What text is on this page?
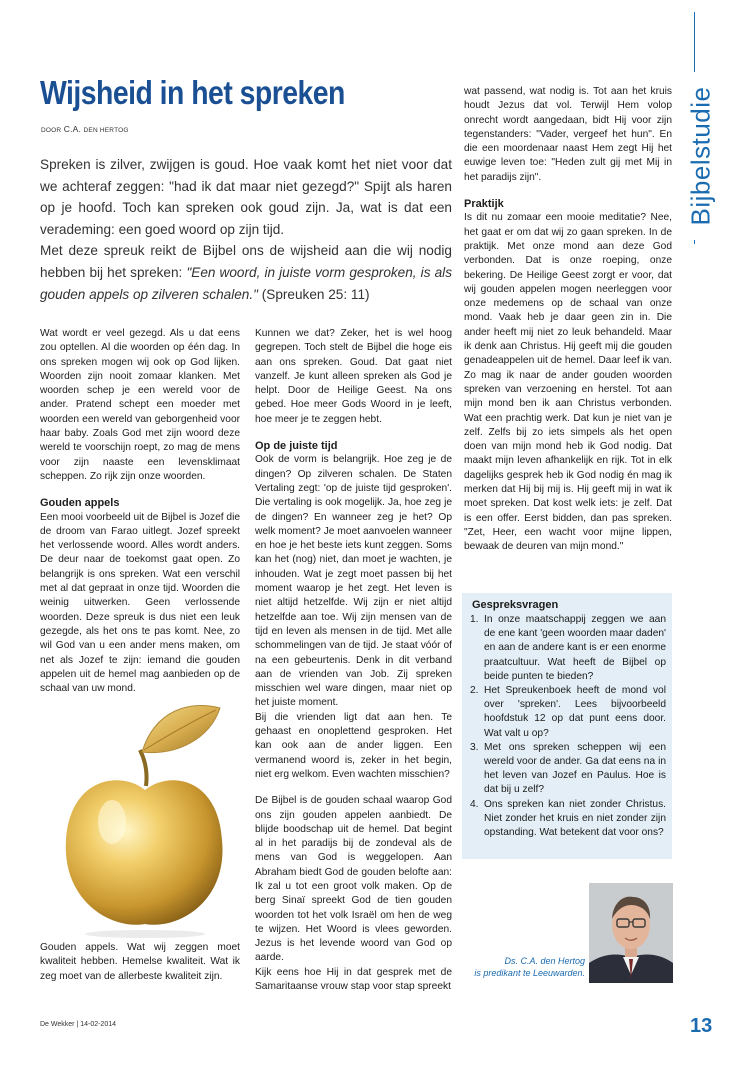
Wijsheid in het spreken
DOOR C.A. DEN HERTOG

Spreken is zilver, zwijgen is goud. Hoe vaak komt het niet voor dat we achteraf zeggen: "had ik dat maar niet gezegd?" Spijt als haren op je hoofd. Toch kan spreken ook goud zijn. Ja, wat is dat een verademing: een goed woord op zijn tijd.

Met deze spreuk reikt de Bijbel ons de wijsheid aan die wij nodig hebben bij het spreken: "Een woord, in juiste vorm gesproken, is als gouden appels op zilveren schalen." (Spreuken 25: 11)

Wat wordt er veel gezegd. Als u dat eens zou optellen. Al die woorden op één dag. In ons spreken mogen wij ook op God lijken. Woorden zijn nooit zomaar klanken. Met woorden schep je een wereld voor de ander. Pratend schept een moeder met woorden een wereld van geborgenheid voor haar baby. Zoals God met zijn woord deze wereld te voorschijn roept, zo mag de mens voor zijn naaste een levensklimaat scheppen. Zo rijk zijn onze woorden.

Gouden appels

Een mooi voorbeeld uit de Bijbel is Jozef die de droom van Farao uitlegt. Jozef spreekt het verlossende woord. Alles wordt anders. De deur naar de toekomst gaat open. Zo belangrijk is ons spreken. Wat een verschil met al dat gepraat in onze tijd. Woorden die weinig uitwerken. Geen verlossende woorden. Deze spreuk is dus niet een leuk gezegde, als het ons te pas komt. Nee, zo wil God van u een ander mens maken, om net als Jozef te zijn: iemand die gouden appelen uit de hemel mag aanbieden op de schaal van uw mond.

Gouden appels. Wat wij zeggen moet kwaliteit hebben. Hemelse kwaliteit. Wat ik zeg moet van de allerbeste kwaliteit zijn.

Kunnen we dat? Zeker, het is wel hoog gegrepen. Toch stelt de Bijbel die hoge eis aan ons spreken. Goud. Dat gaat niet vanzelf. Je kunt alleen spreken als God je helpt. Door de Heilige Geest. Na ons gebed. Hoe meer Gods Woord in je leeft, hoe meer je te zeggen hebt.

Op de juiste tijd

Ook de vorm is belangrijk. Hoe zeg je de dingen? Op zilveren schalen. De Staten Vertaling zegt: 'op de juiste tijd gesproken'. Die vertaling is ook mogelijk. Ja, hoe zeg je de dingen? En wanneer zeg je het? Op welk moment? Je moet aanvoelen wanneer en hoe je het beste iets kunt zeggen. Soms kan het (nog) niet, dan moet je wachten, je inhouden. Wat je zegt moet passen bij het moment waarop je het zegt. Het leven is niet altijd hetzelfde. Wij zijn er niet altijd hetzelfde aan toe. Wij zijn mensen van de tijd en leven als mensen in de tijd. Met alle schommelingen van de tijd. Je staat vóór of na een gebeurtenis. Denk in dit verband aan de vrienden van Job. Zij spreken misschien wel ware dingen, maar niet op het juiste moment.

Bij die vrienden ligt dat aan hen. Te gehaast en onoplettend gesproken. Het kan ook aan de ander liggen. Een vermanend woord is, zeker in het begin, niet erg welkom. Even wachten misschien?

De Bijbel is de gouden schaal waarop God ons zijn gouden appelen aanbiedt. De blijde boodschap uit de hemel. Dat begint al in het paradijs bij de zondeval als de mens van God is weggelopen. Aan Abraham biedt God de gouden belofte aan: Ik zal u tot een groot volk maken. Op de berg Sinaï spreekt God de tien gouden woorden tot het volk Israël om hen de weg te wijzen. Het Woord is vlees geworden. Jezus is het levende woord van God op aarde.

Kijk eens hoe Hij in dat gesprek met de Samaritaanse vrouw stap voor stap spreekt

wat passend, wat nodig is. Tot aan het kruis houdt Jezus dat vol. Terwijl Hem volop onrecht wordt aangedaan, bidt Hij voor zijn tegenstanders: "Vader, vergeef het hun". En die een moordenaar naast Hem zegt Hij het euwige leven toe: "Heden zult gij met Mij in het paradijs zijn".

Praktijk

Is dit nu zomaar een mooie meditatie? Nee, het gaat er om dat wij zo gaan spreken. In de praktijk. Met onze mond aan deze God verbonden. Dat is onze roeping, onze bekering. De Heilige Geest zorgt er voor, dat wij gouden appelen mogen neerleggen voor onze medemens op de schaal van onze mond. Vaak heb je daar geen zin in. Die ander heeft mij niet zo leuk behandeld. Maar ik denk aan Christus. Hij geeft mij die gouden genadeappelen uit de hemel. Daar leef ik van. Zo mag ik naar de ander gouden woorden spreken van verzoening en herstel. Tot aan mijn mond ben ik aan Christus verbonden. Wat een prachtig werk. Dat kun je niet van je zelf. Zelfs bij zo iets simpels als het open doen van mijn mond heb ik God nodig. Dat maakt mijn leven afhankelijk en rijk. Tot in elk dagelijks gesprek heb ik God nodig én mag ik merken dat Hij bij mij is. Hij geeft mij in wat ik moet spreken. Dat kost welk iets: je zelf. Dat is een offer. Eerst bidden, dan pas spreken. "Zet, Heer, een wacht voor mijne lippen, bewaak de deuren van mijn mond."

Gespreksvragen
1. In onze maatschappij zeggen we aan de ene kant 'geen woorden maar daden' en aan de andere kant is er een enorme praatcultuur. Wat heeft de Bijbel op beide punten te bieden?
2. Het Spreukenboek heeft de mond vol over 'spreken'. Lees bijvoorbeeld hoofdstuk 12 op dat punt eens door. Wat valt u op?
3. Met ons spreken scheppen wij een wereld voor de ander. Ga dat eens na in het leven van Jozef en Paulus. Hoe is dat bij u zelf?
4. Ons spreken kan niet zonder Christus. Niet zonder het kruis en niet zonder zijn opstanding. Wat betekent dat voor ons?
Ds. C.A. den Hertog
is predikant te Leeuwarden.
Bijbelstudie
De Wekker | 14-02-2014	13
